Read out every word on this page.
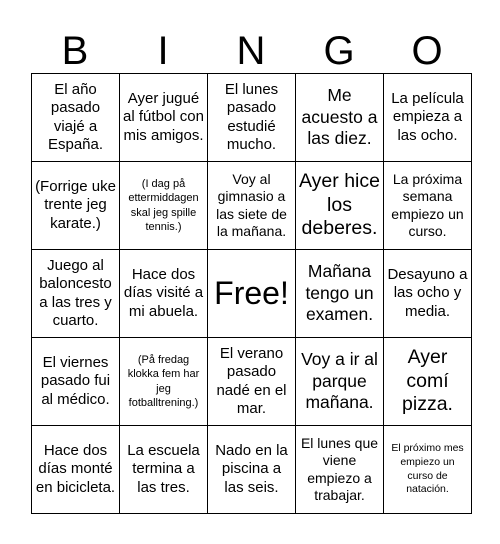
B	I	N	G	O
El año pasado viajé a España.	Ayer jugué al fútbol con mis amigos.	El lunes pasado estudié mucho.	Me acuesto a las diez.	La película empieza a las ocho.

(Forrige uke trente jeg karate.)	(I dag på ettermiddagen skal jeg spille tennis.)	Voy al gimnasio a las siete de la mañana.	Ayer hice los deberes.	La próxima semana empiezo un curso.

Juego al baloncesto a las tres y cuarto.	Hace dos días visité a mi abuela.	Free!	Mañana tengo un examen.	Desayuno a las ocho y media.

El viernes pasado fui al médico.	(På fredag klokka fem har jeg fotballtrening.)	El verano pasado nadé en el mar.	Voy a ir al parque mañana.	Ayer comí pizza.

Hace dos días monté en bicicleta.	La escuela termina a las tres.	Nado en la piscina a las seis.	El lunes que viene empiezo a trabajar.	El próximo mes empiezo un curso de natación.
